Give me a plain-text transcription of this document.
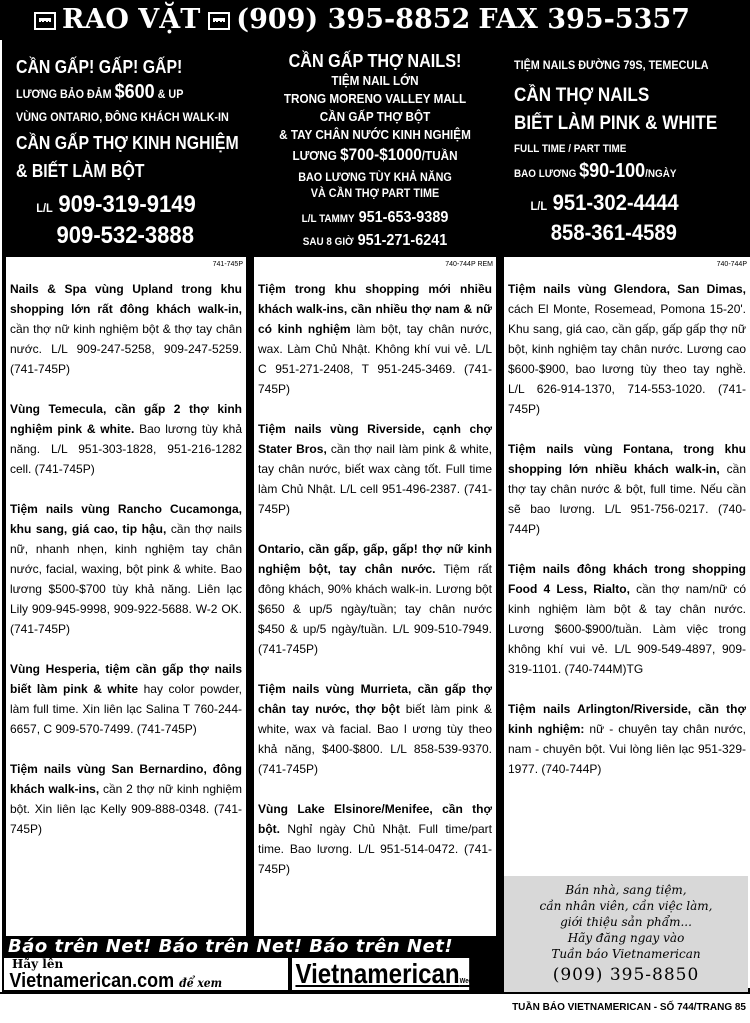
RAO VẶT (909) 395-8852 FAX 395-5357
CẦN GẤP! GẤP! GẤP!
LƯƠNG BẢO ĐẢM $600 & UP
VÙNG ONTARIO, ĐÔNG KHÁCH WALK-IN
CẦN GẤP THỢ KINH NGHIỆM
& BIẾT LÀM BỘT
L/L 909-319-9149
909-532-3888
741-745P
Nails & Spa vùng Upland trong khu shopping lớn rất đông khách walk-in, cần thợ nữ kinh nghiệm bột & thợ tay chân nước. L/L 909-247-5258, 909-247-5259. (741-745P)
Vùng Temecula, cần gấp 2 thợ kinh nghiệm pink & white. Bao lương tùy khả năng. L/L 951-303-1828, 951-216-1282 cell. (741-745P)
Tiệm nails vùng Rancho Cucamonga, khu sang, giá cao, tip hậu, cần thợ nails nữ, nhanh nhẹn, kinh nghiệm tay chân nước, facial, waxing, bột pink & white. Bao lương $500-$700 tùy khả năng. Liên lạc Lily 909-945-9998, 909-922-5688. W-2 OK. (741-745P)
Vùng Hesperia, tiệm cần gấp thợ nails biết làm pink & white hay color powder, làm full time. Xin liên lạc Salina T 760-244-6657, C 909-570-7499. (741-745P)
Tiệm nails vùng San Bernardino, đông khách walk-ins, cần 2 thợ nữ kinh nghiệm bột. Xin liên lạc Kelly 909-888-0348. (741-745P)
CẦN GẤP THỢ NAILS!
TIỆM NAIL LỚN
TRONG MORENO VALLEY MALL
CẦN GẤP THỢ BỘT
& TAY CHÂN NƯỚC KINH NGHIỆM
LƯƠNG $700-$1000/TUẦN
BAO LƯƠNG TÙY KHẢ NĂNG
VÀ CẦN THỢ PART TIME
L/L TAMMY 951-653-9389
SAU 8 GIỜ 951-271-6241
740-744P REM
Tiệm trong khu shopping mới nhiều khách walk-ins, cần nhiều thợ nam & nữ có kinh nghiệm làm bột, tay chân nước, wax. Làm Chủ Nhật. Không khí vui vẻ. L/L C 951-271-2408, T 951-245-3469. (741-745P)
Tiệm nails vùng Riverside, cạnh chợ Stater Bros, cần thợ nail làm pink & white, tay chân nước, biết wax càng tốt. Full time làm Chủ Nhật. L/L cell 951-496-2387. (741-745P)
Ontario, cần gấp, gấp, gấp! thợ nữ kinh nghiệm bột, tay chân nước. Tiệm rất đông khách, 90% khách walk-in. Lương bột $650 & up/5 ngày/tuần; tay chân nước $450 & up/5 ngày/tuần. L/L 909-510-7949. (741-745P)
Tiệm nails vùng Murrieta, cần gấp thợ chân tay nước, thợ bột biết làm pink & white, wax và facial. Bao l ương tùy theo khả năng, $400-$800. L/L 858-539-9370. (741-745P)
Vùng Lake Elsinore/Menifee, cần thợ bột. Nghỉ ngày Chủ Nhật. Full time/part time. Bao lương. L/L 951-514-0472. (741-745P)
TIỆM NAILS ĐƯỜNG 79S, TEMECULA
CẦN THỢ NAILS
BIẾT LÀM PINK & WHITE
FULL TIME / PART TIME
BAO LƯƠNG $90-100/NGÀY
L/L 951-302-4444
858-361-4589
740-744P
Tiệm nails vùng Glendora, San Dimas, cách El Monte, Rosemead, Pomona 15-20'. Khu sang, giá cao, cần gấp, gấp gấp thợ nữ bột, kinh nghiệm tay chân nước. Lương cao $600-$900, bao lương tùy theo tay nghề. L/L 626-914-1370, 714-553-1020. (741-745P)
Tiệm nails vùng Fontana, trong khu shopping lớn nhiều khách walk-in, cần thợ tay chân nước & bột, full time. Nếu cần sẽ bao lương. L/L 951-756-0217. (740-744P)
Tiệm nails đông khách trong shopping Food 4 Less, Rialto, cần thợ nam/nữ có kinh nghiệm làm bột & tay chân nước. Lương $600-$900/tuần. Làm việc trong không khí vui vẻ. L/L 909-549-4897, 909-319-1101. (740-744M)TG
Tiệm nails Arlington/Riverside, cần thợ kinh nghiệm: nữ - chuyên tay chân nước, nam - chuyên bột. Vui lòng liên lạc 951-329-1977. (740-744P)
Báo trên Net! Báo trên Net! Báo trên Net!
Hãy lên
Vietnamerican.com để xem	VietnamericanWeeklyTM
Bán nhà, sang tiệm,
cần nhân viên, cần việc làm,
giới thiệu sản phẩm...
Hãy đăng ngay vào
Tuần báo Vietnamerican
(909) 395-8850
TUẦN BÁO VIETNAMERICAN - SỐ 744/TRANG 85
